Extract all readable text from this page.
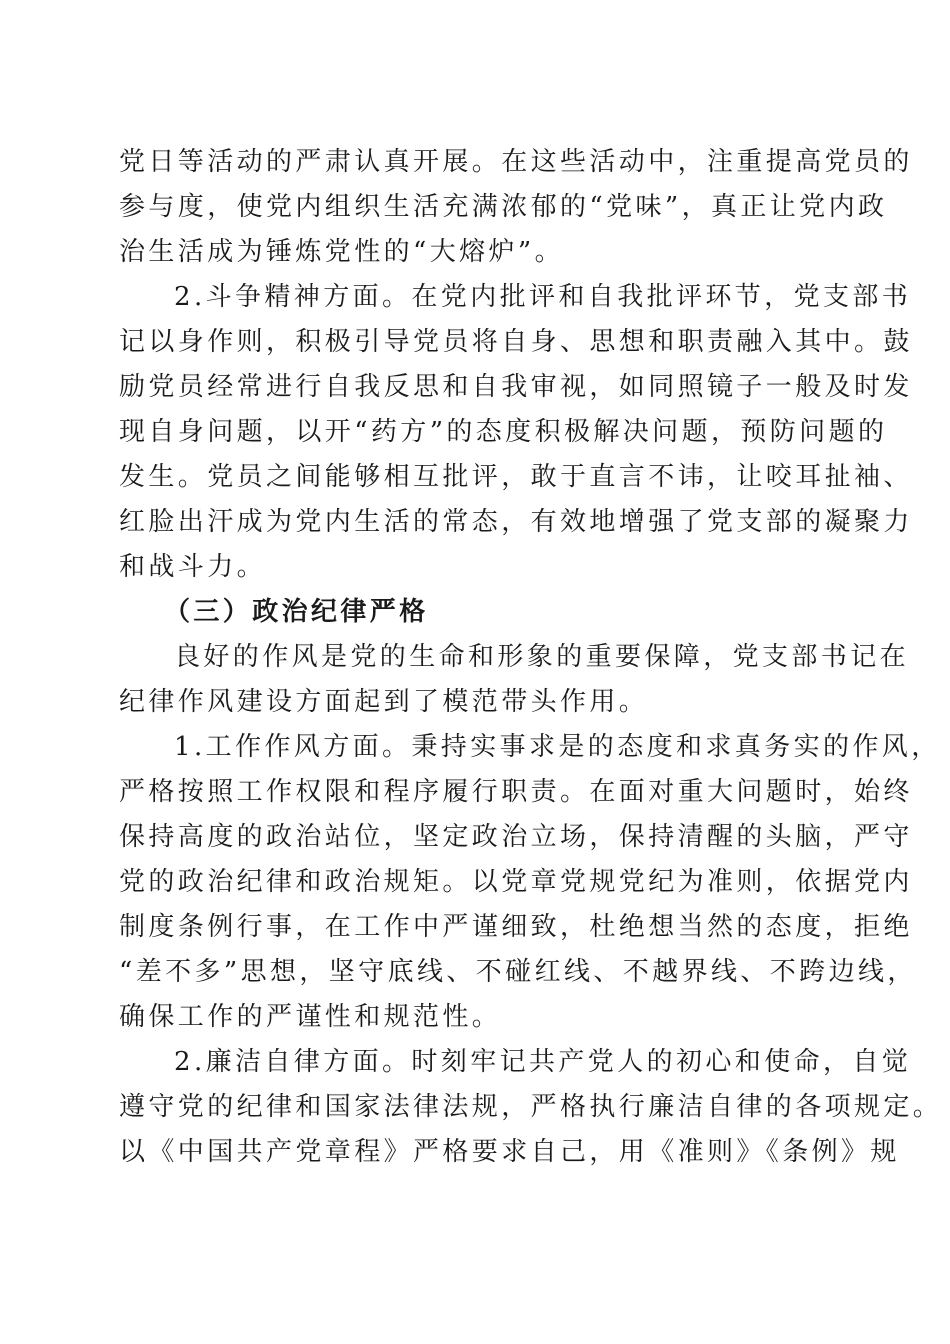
党日等活动的严肃认真开展。在这些活动中，注重提高党员的
参与度，使党内组织生活充满浓郁的“党味”，真正让党内政
治生活成为锤炼党性的“大熔炉”。
2.斗争精神方面。在党内批评和自我批评环节，党支部书
记以身作则，积极引导党员将自身、思想和职责融入其中。鼓
励党员经常进行自我反思和自我审视，如同照镜子一般及时发
现自身问题，以开“药方”的态度积极解决问题，预防问题的
发生。党员之间能够相互批评，敢于直言不讳，让咬耳扯袖、
红脸出汗成为党内生活的常态，有效地增强了党支部的凝聚力
和战斗力。
（三）政治纪律严格
良好的作风是党的生命和形象的重要保障，党支部书记在
纪律作风建设方面起到了模范带头作用。
1.工作作风方面。秉持实事求是的态度和求真务实的作风，
严格按照工作权限和程序履行职责。在面对重大问题时，始终
保持高度的政治站位，坚定政治立场，保持清醒的头脑，严守
党的政治纪律和政治规矩。以党章党规党纪为准则，依据党内
制度条例行事，在工作中严谨细致，杜绝想当然的态度，拒绝
“差不多”思想，坚守底线、不碰红线、不越界线、不跨边线，
确保工作的严谨性和规范性。
2.廉洁自律方面。时刻牢记共产党人的初心和使命，自觉
遵守党的纪律和国家法律法规，严格执行廉洁自律的各项规定。
以《中国共产党章程》严格要求自己，用《准则》《条例》规
